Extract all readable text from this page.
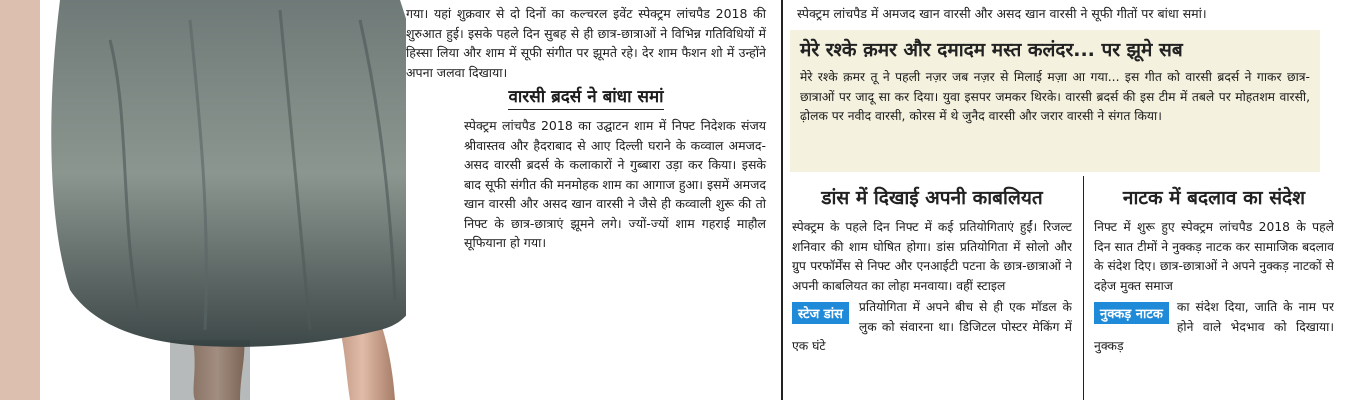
गया। यहां शुक्रवार से दो दिनों का कल्चरल इवेंट स्पेक्ट्रम लांचपैड 2018 की शुरुआत हुई। इसके पहले दिन सुबह से ही छात्र-छात्राओं ने विभिन्न गतिविधियों में हिस्सा लिया और शाम में सूफी संगीत पर झूमते रहे। देर शाम फैशन शो में उन्होंने अपना जलवा दिखाया।

वारसी ब्रदर्स ने बांधा समां

स्पेक्ट्रम लांचपैड 2018 का उद्घाटन शाम में निफ्ट निदेशक संजय श्रीवास्तव और हैदराबाद से आए दिल्ली घराने के कव्वाल अमजद-असद वारसी ब्रदर्स के कलाकारों ने गुब्बारा उड़ा कर किया। इसके बाद सूफी संगीत की मनमोहक शाम का आगाज हुआ। इसमें अमजद खान वारसी और असद खान वारसी ने जैसे ही कव्वाली शुरू की तो निफ्ट के छात्र-छात्राएं झूमने लगे। ज्यों-ज्यों शाम गहराई माहौल सूफियाना हो गया।

स्पेक्ट्रम लांचपैड में अमजद खान वारसी और असद खान वारसी ने सूफी गीतों पर बांधा समां।

मेरे रश्के क़मर और दमादम मस्त कलंदर... पर झूमे सब

मेरे रश्के क़मर तू ने पहली नज़र जब नज़र से मिलाई मज़ा आ गया... इस गीत को वारसी ब्रदर्स ने गाकर छात्र-छात्राओं पर जादू सा कर दिया। युवा इसपर जमकर थिरके। वारसी ब्रदर्स की इस टीम में तबले पर मोहतशम वारसी, ढ़ोलक पर नवीद वारसी, कोरस में थे जुनैद वारसी और जरार वारसी ने संगत किया।

डांस में दिखाई अपनी काबलियत

स्पेक्ट्रम के पहले दिन निफ्ट में कई प्रतियोगिताएं हुईं। रिजल्ट शनिवार की शाम घोषित होगा। डांस प्रतियोगिता में सोलो और ग्रुप परफॉर्मेंस से निफ्ट और एनआईटी पटना के छात्र-छात्राओं ने अपनी काबलियत का लोहा मनवाया। वहीं स्टाइल

स्टेज डांस	प्रतियोगिता में अपने बीच से ही एक मॉडल के लुक को संवारना था। डिजिटल पोस्टर मेकिंग में एक घंटे

नाटक में बदलाव का संदेश

निफ्ट में शुरू हुए स्पेक्ट्रम लांचपैड 2018 के पहले दिन सात टीमों ने नुक्कड़ नाटक कर सामाजिक बदलाव के संदेश दिए। छात्र-छात्राओं ने अपने नुक्कड़ नाटकों से दहेज मुक्त समाज

नुक्कड़ नाटक	का संदेश दिया, जाति के नाम पर होने वाले भेदभाव को दिखाया। नुक्कड़
